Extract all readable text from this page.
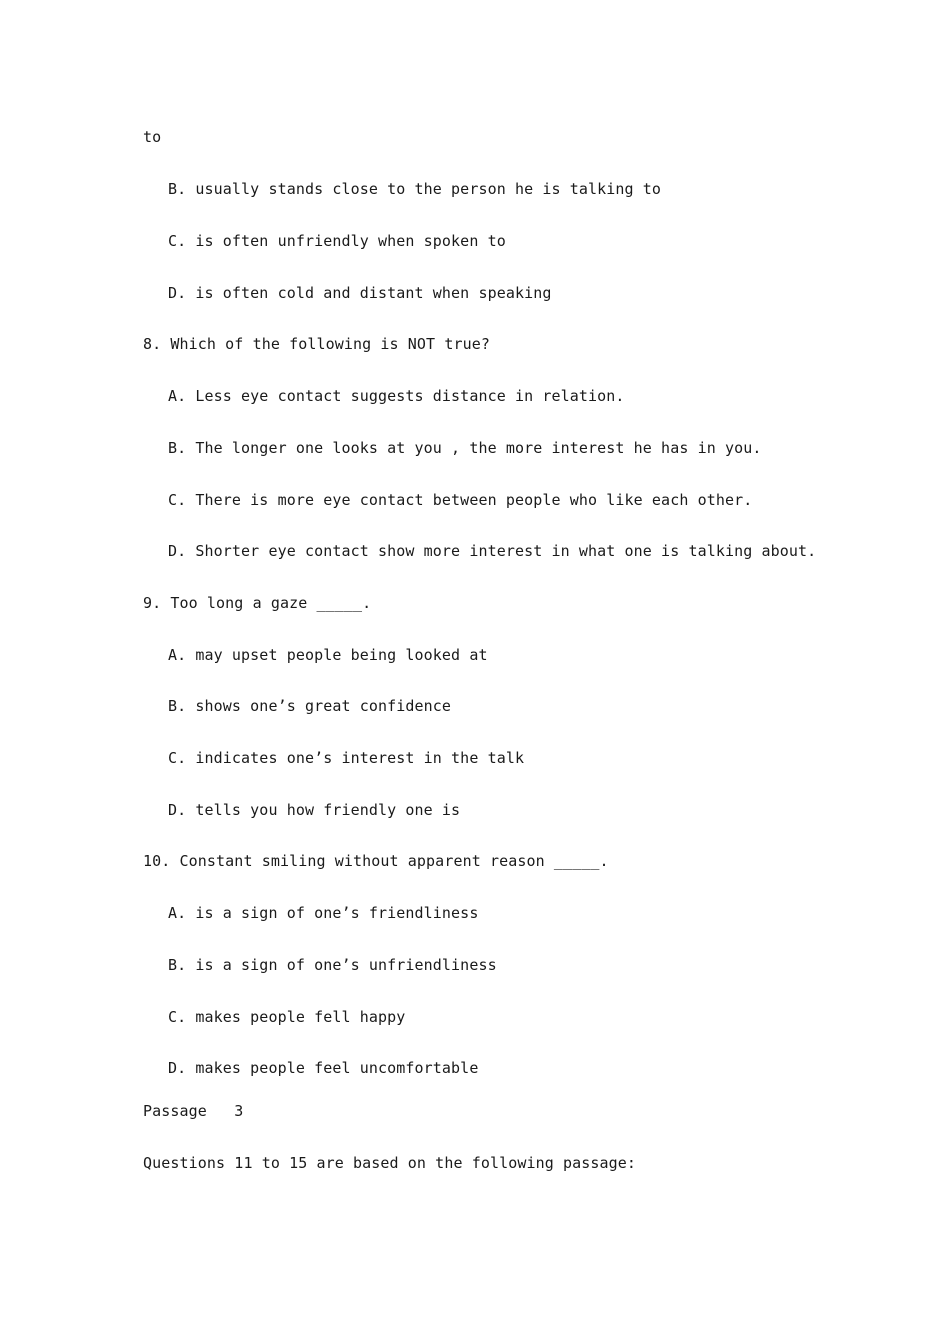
to
B. usually stands close to the person he is talking to
C. is often unfriendly when spoken to
D. is often cold and distant when speaking
8. Which of the following is NOT true?
A. Less eye contact suggests distance in relation.
B. The longer one looks at you , the more interest he has in you.
C. There is more eye contact between people who like each other.
D. Shorter eye contact show more interest in what one is talking about.
9. Too long a gaze _____.
A. may upset people being looked at
B. shows one’s great confidence
C. indicates one’s interest in the talk
D. tells you how friendly one is
10. Constant smiling without apparent reason _____.
A. is a sign of one’s friendliness
B. is a sign of one’s unfriendliness
C. makes people fell happy
D. makes people feel uncomfortable
Passage   3
Questions 11 to 15 are based on the following passage:
